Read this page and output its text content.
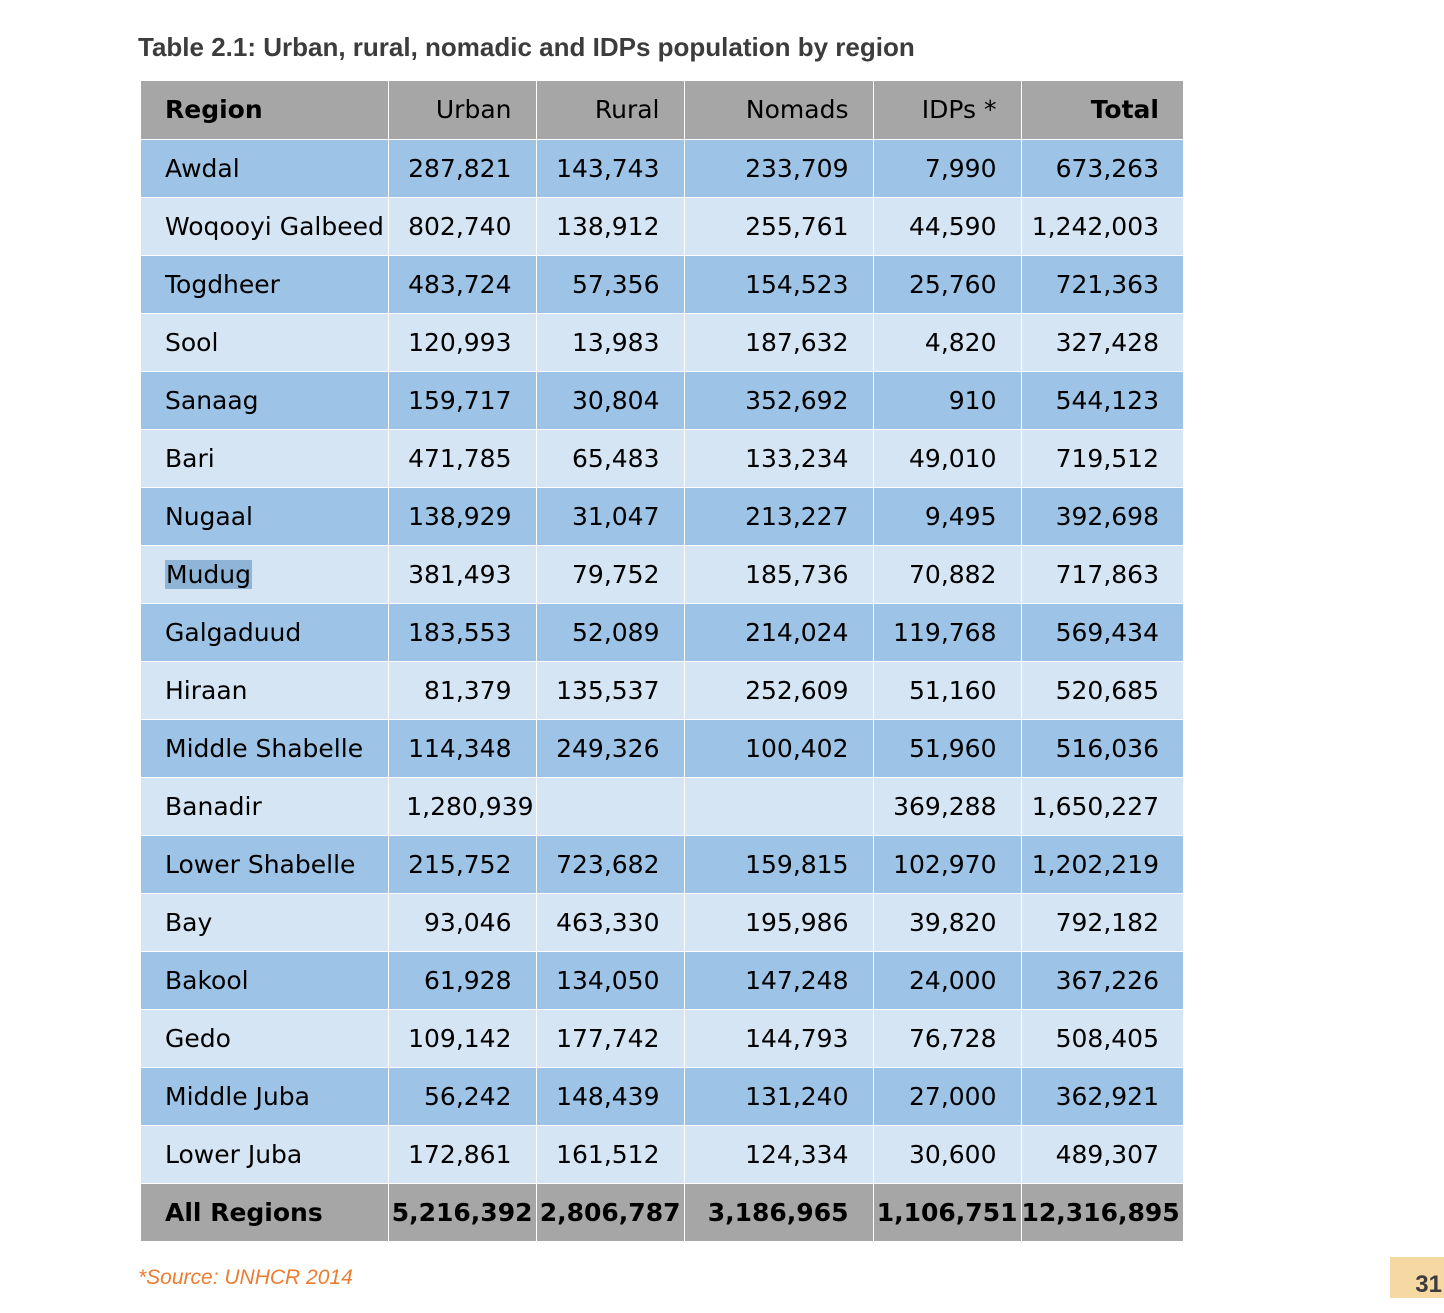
Table 2.1: Urban, rural, nomadic and IDPs population by region
Region	Urban	Rural	Nomads	IDPs *	Total
Awdal	287,821	143,743	233,709	7,990	673,263
Woqooyi Galbeed	802,740	138,912	255,761	44,590	1,242,003
Togdheer	483,724	57,356	154,523	25,760	721,363
Sool	120,993	13,983	187,632	4,820	327,428
Sanaag	159,717	30,804	352,692	910	544,123
Bari	471,785	65,483	133,234	49,010	719,512
Nugaal	138,929	31,047	213,227	9,495	392,698
Mudug	381,493	79,752	185,736	70,882	717,863
Galgaduud	183,553	52,089	214,024	119,768	569,434
Hiraan	81,379	135,537	252,609	51,160	520,685
Middle Shabelle	114,348	249,326	100,402	51,960	516,036
Banadir	1,280,939			369,288	1,650,227
Lower Shabelle	215,752	723,682	159,815	102,970	1,202,219
Bay	93,046	463,330	195,986	39,820	792,182
Bakool	61,928	134,050	147,248	24,000	367,226
Gedo	109,142	177,742	144,793	76,728	508,405
Middle Juba	56,242	148,439	131,240	27,000	362,921
Lower Juba	172,861	161,512	124,334	30,600	489,307
All Regions	5,216,392	2,806,787	3,186,965	1,106,751	12,316,895
*Source: UNHCR 2014	31
